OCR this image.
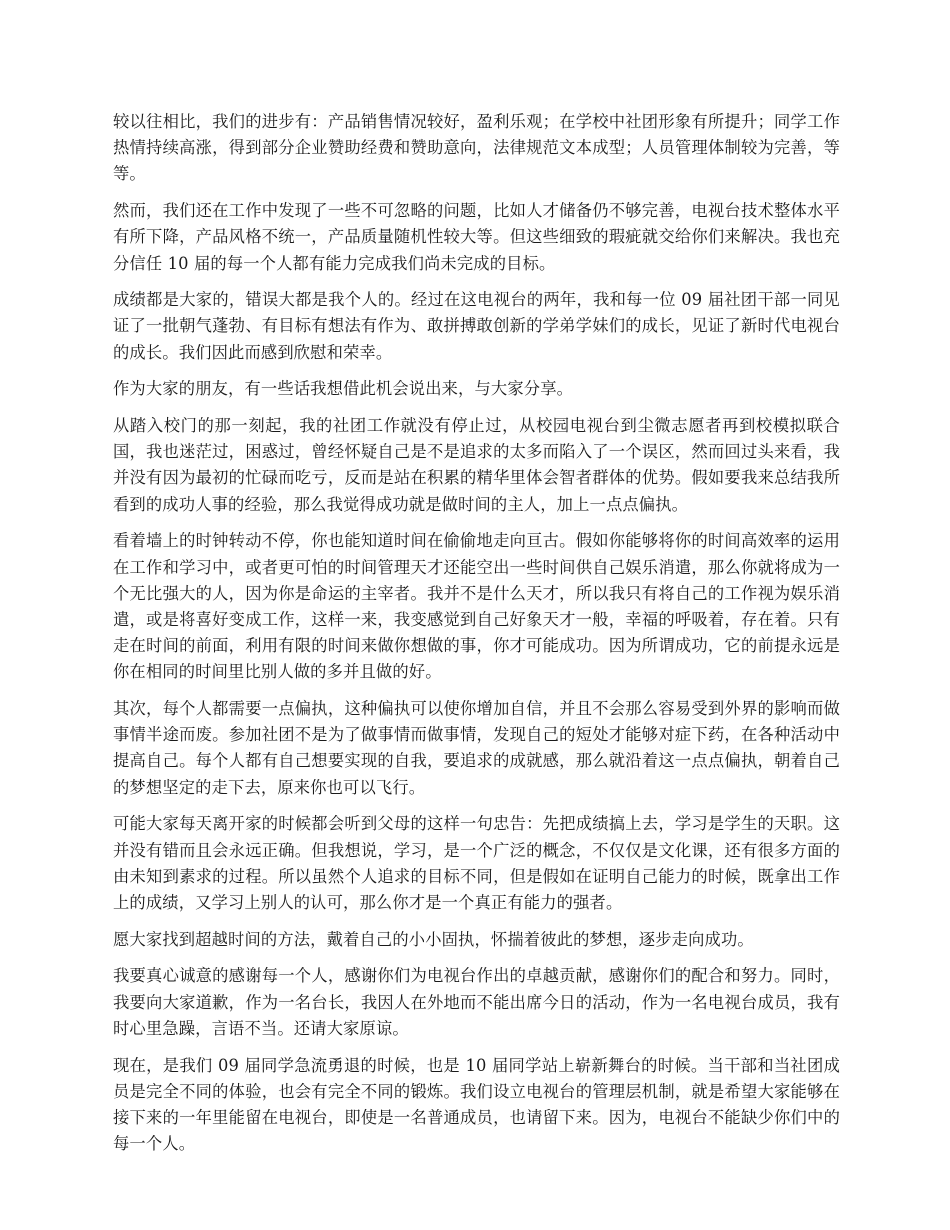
较以往相比，我们的进步有：产品销售情况较好，盈利乐观；在学校中社团形象有所提升；同学工作热情持续高涨，得到部分企业赞助经费和赞助意向，法律规范文本成型；人员管理体制较为完善，等等。

然而，我们还在工作中发现了一些不可忽略的问题，比如人才储备仍不够完善，电视台技术整体水平有所下降，产品风格不统一，产品质量随机性较大等。但这些细致的瑕疵就交给你们来解决。我也充分信任 10 届的每一个人都有能力完成我们尚未完成的目标。

成绩都是大家的，错误大都是我个人的。经过在这电视台的两年，我和每一位 09 届社团干部一同见证了一批朝气蓬勃、有目标有想法有作为、敢拼搏敢创新的学弟学妹们的成长，见证了新时代电视台的成长。我们因此而感到欣慰和荣幸。

作为大家的朋友，有一些话我想借此机会说出来，与大家分享。

从踏入校门的那一刻起，我的社团工作就没有停止过，从校园电视台到尘微志愿者再到校模拟联合国，我也迷茫过，困惑过，曾经怀疑自己是不是追求的太多而陷入了一个误区，然而回过头来看，我并没有因为最初的忙碌而吃亏，反而是站在积累的精华里体会智者群体的优势。假如要我来总结我所看到的成功人事的经验，那么我觉得成功就是做时间的主人，加上一点点偏执。

看着墙上的时钟转动不停，你也能知道时间在偷偷地走向亘古。假如你能够将你的时间高效率的运用在工作和学习中，或者更可怕的时间管理天才还能空出一些时间供自己娱乐消遣，那么你就将成为一个无比强大的人，因为你是命运的主宰者。我并不是什么天才，所以我只有将自己的工作视为娱乐消遣，或是将喜好变成工作，这样一来，我变感觉到自己好象天才一般，幸福的呼吸着，存在着。只有走在时间的前面，利用有限的时间来做你想做的事，你才可能成功。因为所谓成功，它的前提永远是你在相同的时间里比别人做的多并且做的好。

其次，每个人都需要一点偏执，这种偏执可以使你增加自信，并且不会那么容易受到外界的影响而做事情半途而废。参加社团不是为了做事情而做事情，发现自己的短处才能够对症下药，在各种活动中提高自己。每个人都有自己想要实现的自我，要追求的成就感，那么就沿着这一点点偏执，朝着自己的梦想坚定的走下去，原来你也可以飞行。

可能大家每天离开家的时候都会听到父母的这样一句忠告：先把成绩搞上去，学习是学生的天职。这并没有错而且会永远正确。但我想说，学习，是一个广泛的概念，不仅仅是文化课，还有很多方面的由未知到素求的过程。所以虽然个人追求的目标不同，但是假如在证明自己能力的时候，既拿出工作上的成绩，又学习上别人的认可，那么你才是一个真正有能力的强者。

愿大家找到超越时间的方法，戴着自己的小小固执，怀揣着彼此的梦想，逐步走向成功。

我要真心诚意的感谢每一个人，感谢你们为电视台作出的卓越贡献，感谢你们的配合和努力。同时，我要向大家道歉，作为一名台长，我因人在外地而不能出席今日的活动，作为一名电视台成员，我有时心里急躁，言语不当。还请大家原谅。

现在，是我们 09 届同学急流勇退的时候，也是 10 届同学站上崭新舞台的时候。当干部和当社团成员是完全不同的体验，也会有完全不同的锻炼。我们设立电视台的管理层机制，就是希望大家能够在接下来的一年里能留在电视台，即使是一名普通成员，也请留下来。因为，电视台不能缺少你们中的每一个人。
